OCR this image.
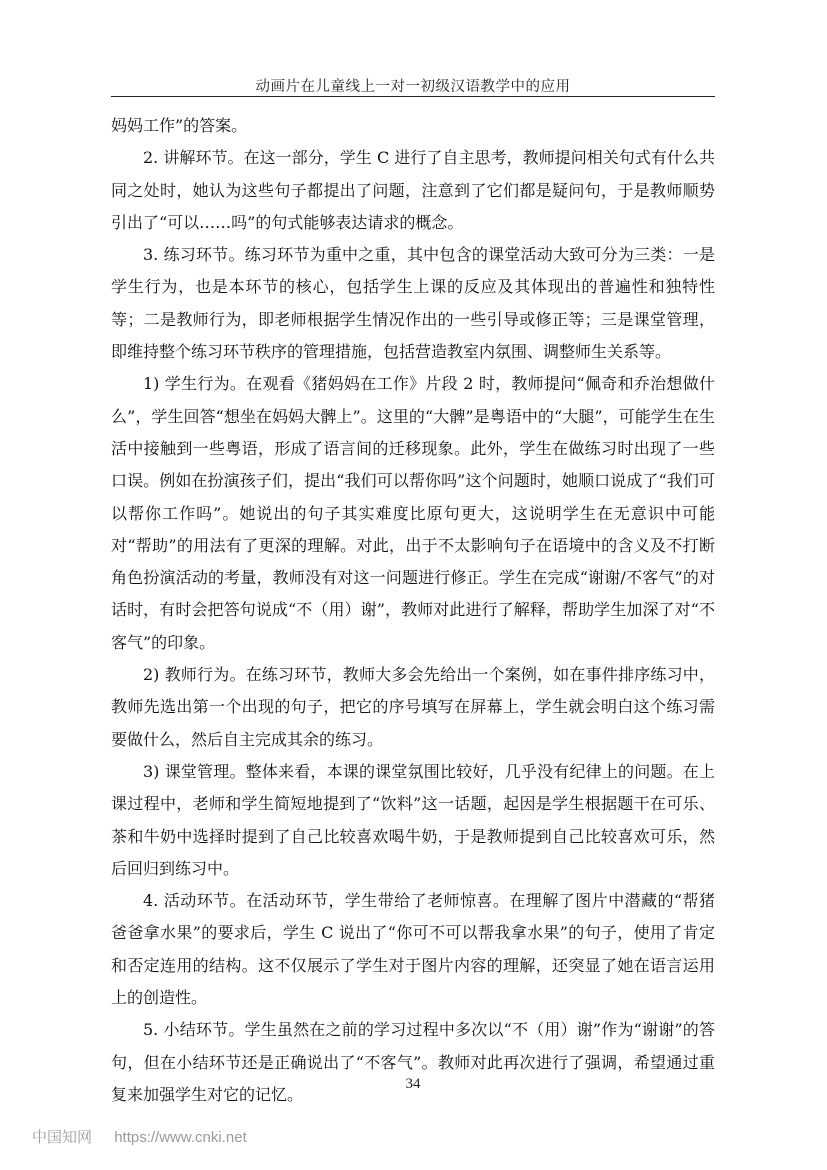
动画片在儿童线上一对一初级汉语教学中的应用

妈妈工作”的答案。

2. 讲解环节。在这一部分，学生 C 进行了自主思考，教师提问相关句式有什么共同之处时，她认为这些句子都提出了问题，注意到了它们都是疑问句，于是教师顺势引出了“可以……吗”的句式能够表达请求的概念。

3. 练习环节。练习环节为重中之重，其中包含的课堂活动大致可分为三类：一是学生行为，也是本环节的核心，包括学生上课的反应及其体现出的普遍性和独特性等；二是教师行为，即老师根据学生情况作出的一些引导或修正等；三是课堂管理，即维持整个练习环节秩序的管理措施，包括营造教室内氛围、调整师生关系等。

1) 学生行为。在观看《猪妈妈在工作》片段 2 时，教师提问“佩奇和乔治想做什么”，学生回答“想坐在妈妈大髀上”。这里的“大髀”是粤语中的“大腿”，可能学生在生活中接触到一些粤语，形成了语言间的迁移现象。此外，学生在做练习时出现了一些口误。例如在扮演孩子们，提出“我们可以帮你吗”这个问题时，她顺口说成了“我们可以帮你工作吗”。她说出的句子其实难度比原句更大，这说明学生在无意识中可能对“帮助”的用法有了更深的理解。对此，出于不太影响句子在语境中的含义及不打断角色扮演活动的考量，教师没有对这一问题进行修正。学生在完成“谢谢/不客气”的对话时，有时会把答句说成“不（用）谢”，教师对此进行了解释，帮助学生加深了对“不客气”的印象。

2) 教师行为。在练习环节，教师大多会先给出一个案例，如在事件排序练习中，教师先选出第一个出现的句子，把它的序号填写在屏幕上，学生就会明白这个练习需要做什么，然后自主完成其余的练习。

3) 课堂管理。整体来看，本课的课堂氛围比较好，几乎没有纪律上的问题。在上课过程中，老师和学生简短地提到了“饮料”这一话题，起因是学生根据题干在可乐、茶和牛奶中选择时提到了自己比较喜欢喝牛奶，于是教师提到自己比较喜欢可乐，然后回归到练习中。

4. 活动环节。在活动环节，学生带给了老师惊喜。在理解了图片中潜藏的“帮猪爸爸拿水果”的要求后，学生 C 说出了“你可不可以帮我拿水果”的句子，使用了肯定和否定连用的结构。这不仅展示了学生对于图片内容的理解，还突显了她在语言运用上的创造性。

5. 小结环节。学生虽然在之前的学习过程中多次以“不（用）谢”作为“谢谢”的答句，但在小结环节还是正确说出了“不客气”。教师对此再次进行了强调，希望通过重复来加强学生对它的记忆。

34
中国知网 https://www.cnki.net
